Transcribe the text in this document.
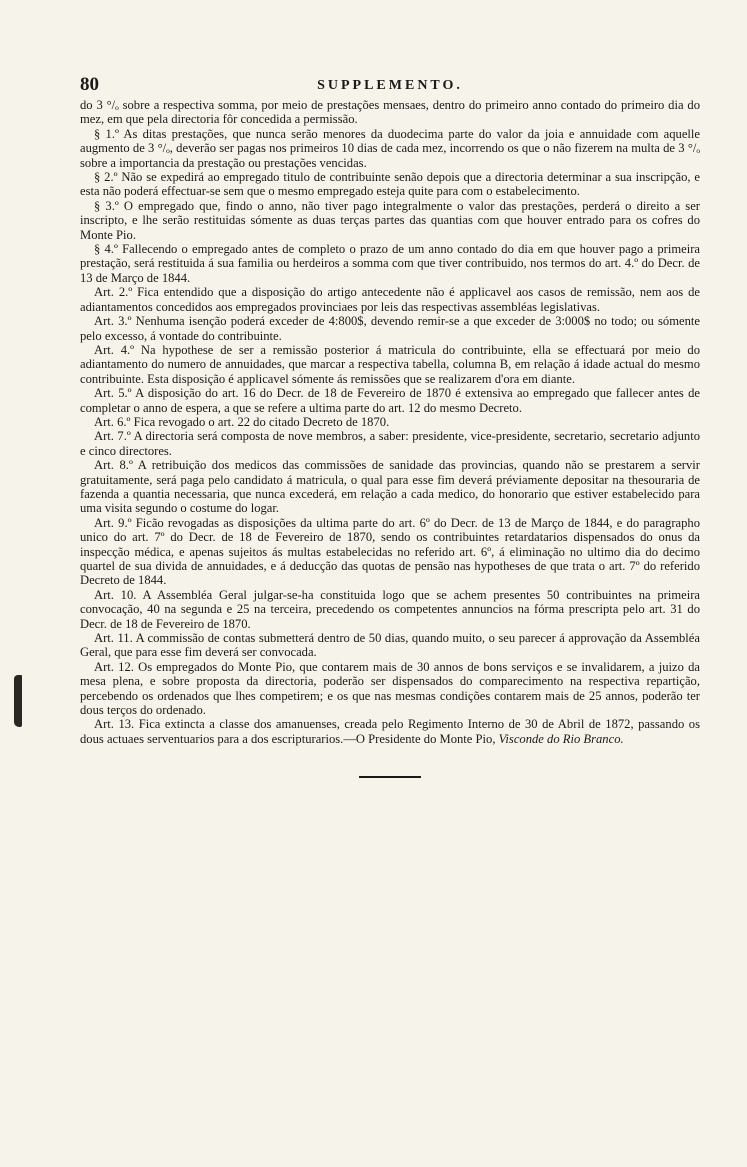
80	SUPPLEMENTO.

do 3 °/ₒ sobre a respectiva somma, por meio de prestações mensaes, dentro do primeiro anno contado do primeiro dia do mez, em que pela directoria fôr concedida a permissão.

§ 1.º As ditas prestações, que nunca serão menores da duodecima parte do valor da joia e annuidade com aquelle augmento de 3 °/ₒ, deverão ser pagas nos primeiros 10 dias de cada mez, incorrendo os que o não fizerem na multa de 3 °/ₒ sobre a importancia da prestação ou prestações vencidas.

§ 2.º Não se expedirá ao empregado titulo de contribuinte senão depois que a directoria determinar a sua inscripção, e esta não poderá effectuar-se sem que o mesmo empregado esteja quite para com o estabelecimento.

§ 3.º O empregado que, findo o anno, não tiver pago integralmente o valor das prestações, perderá o direito a ser inscripto, e lhe serão restituidas sómente as duas terças partes das quantias com que houver entrado para os cofres do Monte Pio.

§ 4.º Fallecendo o empregado antes de completo o prazo de um anno contado do dia em que houver pago a primeira prestação, será restituida á sua familia ou herdeiros a somma com que tiver contribuido, nos termos do art. 4.º do Decr. de 13 de Março de 1844.

Art. 2.º Fica entendido que a disposição do artigo antecedente não é applicavel aos casos de remissão, nem aos de adiantamentos concedidos aos empregados provinciaes por leis das respectivas assembléas legislativas.

Art. 3.º Nenhuma isenção poderá exceder de 4:800$, devendo remir-se a que exceder de 3:000$ no todo; ou sómente pelo excesso, á vontade do contribuinte.

Art. 4.º Na hypothese de ser a remissão posterior á matricula do contribuinte, ella se effectuará por meio do adiantamento do numero de annuidades, que marcar a respectiva tabella, columna B, em relação á idade actual do mesmo contribuinte. Esta disposição é applicavel sómente ás remissões que se realizarem d'ora em diante.

Art. 5.º A disposição do art. 16 do Decr. de 18 de Fevereiro de 1870 é extensiva ao empregado que fallecer antes de completar o anno de espera, a que se refere a ultima parte do art. 12 do mesmo Decreto.

Art. 6.º Fica revogado o art. 22 do citado Decreto de 1870.

Art. 7.º A directoria será composta de nove membros, a saber: presidente, vice-presidente, secretario, secretario adjunto e cinco directores.

Art. 8.º A retribuição dos medicos das commissões de sanidade das provincias, quando não se prestarem a servir gratuitamente, será paga pelo candidato á matricula, o qual para esse fim deverá préviamente depositar na thesouraria de fazenda a quantia necessaria, que nunca excederá, em relação a cada medico, do honorario que estiver estabelecido para uma visita segundo o costume do logar.

Art. 9.º Ficão revogadas as disposições da ultima parte do art. 6º do Decr. de 13 de Março de 1844, e do paragrapho unico do art. 7º do Decr. de 18 de Fevereiro de 1870, sendo os contribuintes retardatarios dispensados do onus da inspecção médica, e apenas sujeitos ás multas estabelecidas no referido art. 6º, á eliminação no ultimo dia do decimo quartel de sua divida de annuidades, e á deducção das quotas de pensão nas hypotheses de que trata o art. 7º do referido Decreto de 1844.

Art. 10. A Assembléa Geral julgar-se-ha constituida logo que se achem presentes 50 contribuintes na primeira convocação, 40 na segunda e 25 na terceira, precedendo os competentes annuncios na fórma prescripta pelo art. 31 do Decr. de 18 de Fevereiro de 1870.

Art. 11. A commissão de contas submetterá dentro de 50 dias, quando muito, o seu parecer á approvação da Assembléa Geral, que para esse fim deverá ser convocada.

Art. 12. Os empregados do Monte Pio, que contarem mais de 30 annos de bons serviços e se invalidarem, a juizo da mesa plena, e sobre proposta da directoria, poderão ser dispensados do comparecimento na respectiva repartição, percebendo os ordenados que lhes competirem; e os que nas mesmas condições contarem mais de 25 annos, poderão ter dous terços do ordenado.

Art. 13. Fica extincta a classe dos amanuenses, creada pelo Regimento Interno de 30 de Abril de 1872, passando os dous actuaes serventuarios para a dos escripturarios.—O Presidente do Monte Pio, Visconde do Rio Branco.
